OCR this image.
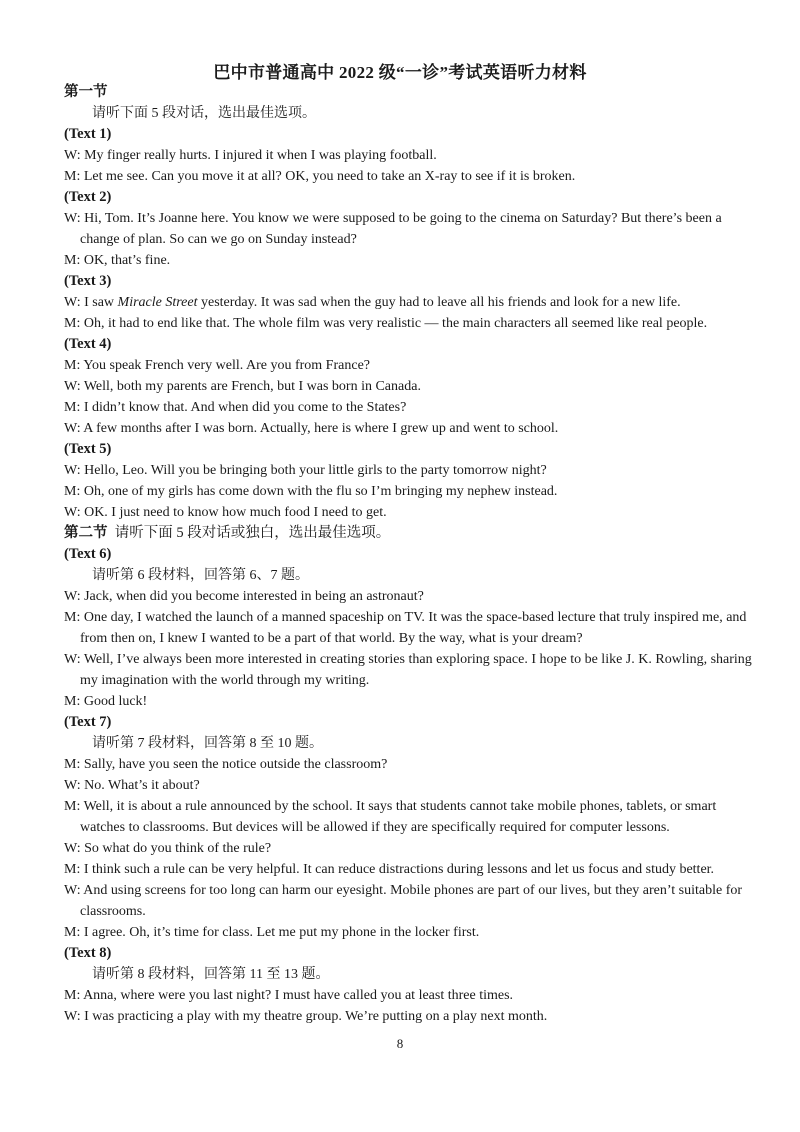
巴中市普通高中 2022 级“一诊”考试英语听力材料
第一节
请听下面 5 段对话，选出最佳选项。
(Text 1)
W: My finger really hurts. I injured it when I was playing football.
M: Let me see. Can you move it at all? OK, you need to take an X-ray to see if it is broken.
(Text 2)
W: Hi, Tom. It’s Joanne here. You know we were supposed to be going to the cinema on Saturday? But there’s been a change of plan. So can we go on Sunday instead?
M: OK, that’s fine.
(Text 3)
W: I saw Miracle Street yesterday. It was sad when the guy had to leave all his friends and look for a new life.
M: Oh, it had to end like that. The whole film was very realistic — the main characters all seemed like real people.
(Text 4)
M: You speak French very well. Are you from France?
W: Well, both my parents are French, but I was born in Canada.
M: I didn’t know that. And when did you come to the States?
W: A few months after I was born. Actually, here is where I grew up and went to school.
(Text 5)
W: Hello, Leo. Will you be bringing both your little girls to the party tomorrow night?
M: Oh, one of my girls has come down with the flu so I’m bringing my nephew instead.
W: OK. I just need to know how much food I need to get.
第二节 请听下面 5 段对话或独白，选出最佳选项。
(Text 6)
请听第 6 段材料，回答第 6、7 题。
W: Jack, when did you become interested in being an astronaut?
M: One day, I watched the launch of a manned spaceship on TV. It was the space-based lecture that truly inspired me, and from then on, I knew I wanted to be a part of that world. By the way, what is your dream?
W: Well, I’ve always been more interested in creating stories than exploring space. I hope to be like J. K. Rowling, sharing my imagination with the world through my writing.
M: Good luck!
(Text 7)
请听第 7 段材料，回答第 8 至 10 题。
M: Sally, have you seen the notice outside the classroom?
W: No. What’s it about?
M: Well, it is about a rule announced by the school. It says that students cannot take mobile phones, tablets, or smart watches to classrooms. But devices will be allowed if they are specifically required for computer lessons.
W: So what do you think of the rule?
M: I think such a rule can be very helpful. It can reduce distractions during lessons and let us focus and study better.
W: And using screens for too long can harm our eyesight. Mobile phones are part of our lives, but they aren’t suitable for classrooms.
M: I agree. Oh, it’s time for class. Let me put my phone in the locker first.
(Text 8)
请听第 8 段材料，回答第 11 至 13 题。
M: Anna, where were you last night? I must have called you at least three times.
W: I was practicing a play with my theatre group. We’re putting on a play next month.
8
